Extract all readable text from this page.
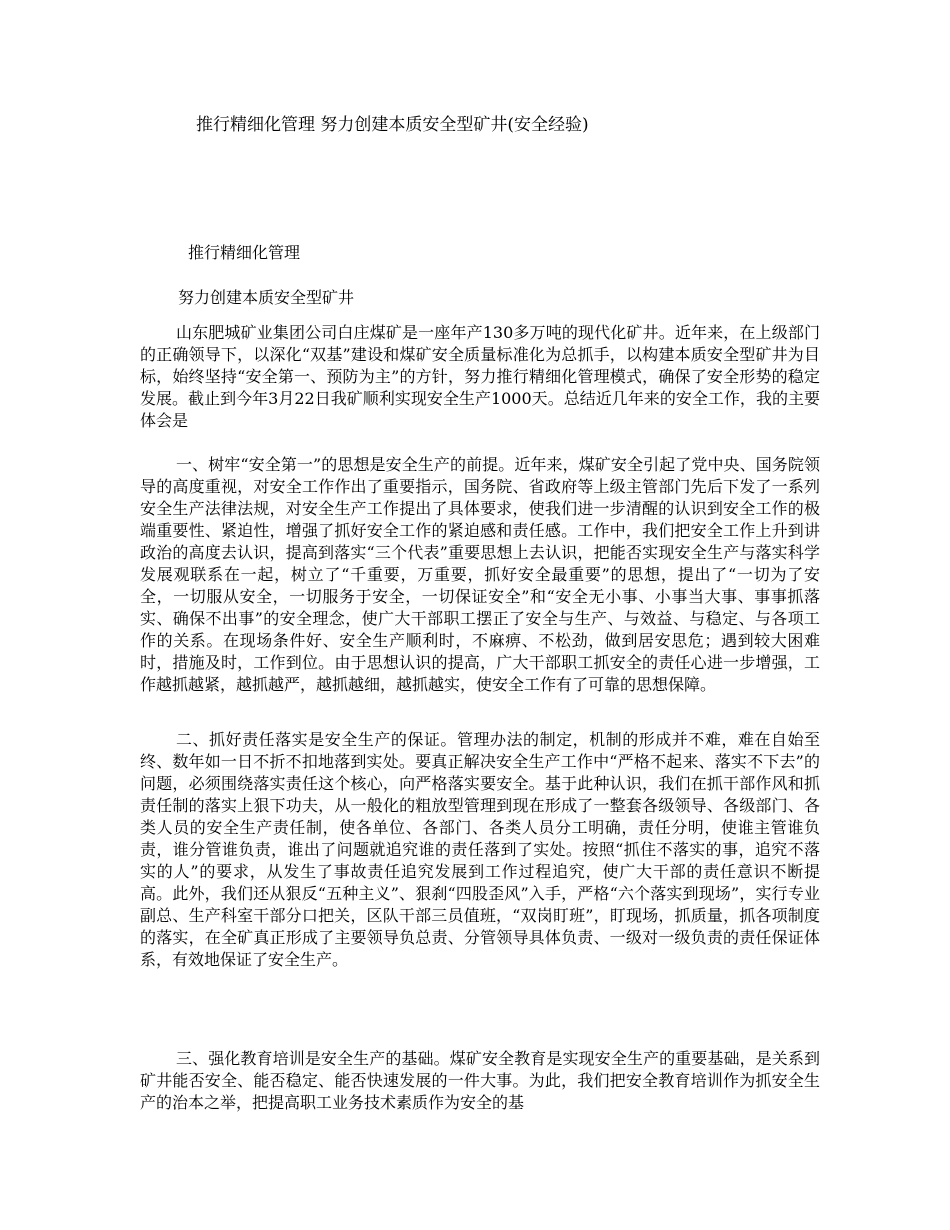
推行精细化管理 努力创建本质安全型矿井(安全经验)
推行精细化管理
努力创建本质安全型矿井

山东肥城矿业集团公司白庄煤矿是一座年产130多万吨的现代化矿井。近年来，在上级部门的正确领导下，以深化“双基”建设和煤矿安全质量标准化为总抓手，以构建本质安全型矿井为目标，始终坚持“安全第一、预防为主”的方针，努力推行精细化管理模式，确保了安全形势的稳定发展。截止到今年3月22日我矿顺利实现安全生产1000天。总结近几年来的安全工作，我的主要体会是

一、树牢“安全第一”的思想是安全生产的前提。近年来，煤矿安全引起了党中央、国务院领导的高度重视，对安全工作作出了重要指示，国务院、省政府等上级主管部门先后下发了一系列安全生产法律法规，对安全生产工作提出了具体要求，使我们进一步清醒的认识到安全工作的极端重要性、紧迫性，增强了抓好安全工作的紧迫感和责任感。工作中，我们把安全工作上升到讲政治的高度去认识，提高到落实“三个代表”重要思想上去认识，把能否实现安全生产与落实科学发展观联系在一起，树立了“千重要，万重要，抓好安全最重要”的思想，提出了“一切为了安全，一切服从安全，一切服务于安全，一切保证安全”和“安全无小事、小事当大事、事事抓落实、确保不出事”的安全理念，使广大干部职工摆正了安全与生产、与效益、与稳定、与各项工作的关系。在现场条件好、安全生产顺利时，不麻痹、不松劲，做到居安思危；遇到较大困难时，措施及时，工作到位。由于思想认识的提高，广大干部职工抓安全的责任心进一步增强，工作越抓越紧，越抓越严，越抓越细，越抓越实，使安全工作有了可靠的思想保障。

二、抓好责任落实是安全生产的保证。管理办法的制定，机制的形成并不难，难在自始至终、数年如一日不折不扣地落到实处。要真正解决安全生产工作中“严格不起来、落实不下去”的问题，必须围绕落实责任这个核心，向严格落实要安全。基于此种认识，我们在抓干部作风和抓责任制的落实上狠下功夫，从一般化的粗放型管理到现在形成了一整套各级领导、各级部门、各类人员的安全生产责任制，使各单位、各部门、各类人员分工明确，责任分明，使谁主管谁负责，谁分管谁负责，谁出了问题就追究谁的责任落到了实处。按照“抓住不落实的事，追究不落实的人”的要求，从发生了事故责任追究发展到工作过程追究，使广大干部的责任意识不断提高。此外，我们还从狠反“五种主义”、狠刹“四股歪风”入手，严格“六个落实到现场”，实行专业副总、生产科室干部分口把关，区队干部三员值班，“双岗盯班”，盯现场，抓质量，抓各项制度的落实，在全矿真正形成了主要领导负总责、分管领导具体负责、一级对一级负责的责任保证体系，有效地保证了安全生产。

三、强化教育培训是安全生产的基础。煤矿安全教育是实现安全生产的重要基础，是关系到矿井能否安全、能否稳定、能否快速发展的一件大事。为此，我们把安全教育培训作为抓安全生产的治本之举，把提高职工业务技术素质作为安全的基
